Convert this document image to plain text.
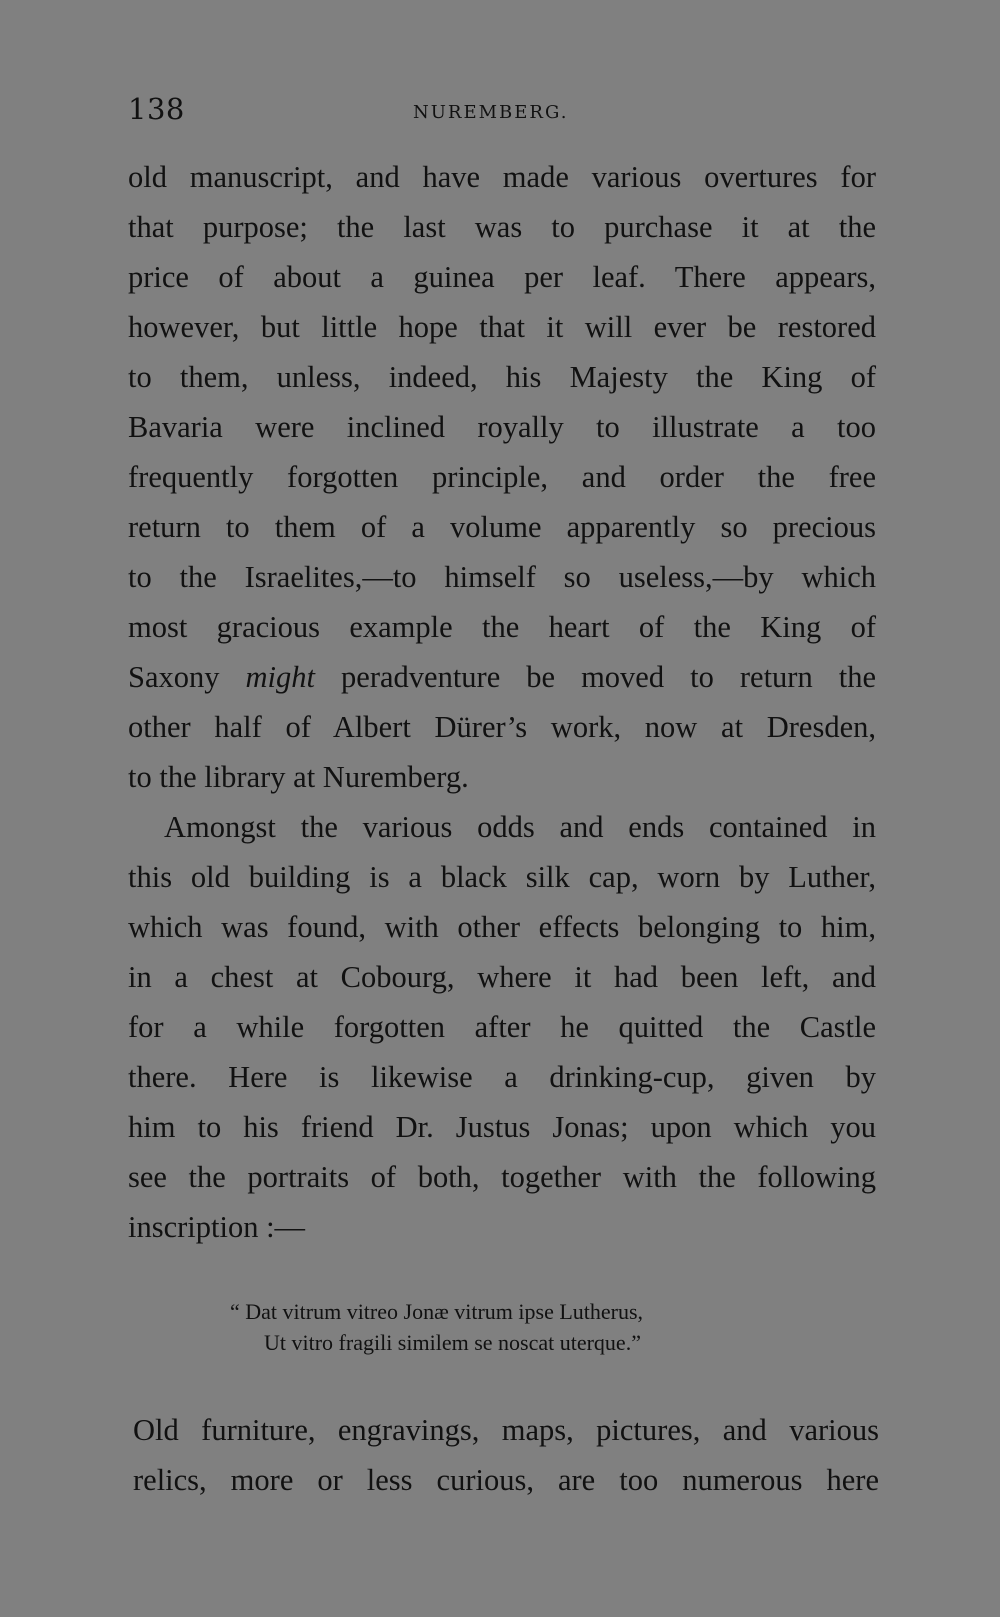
138	NUREMBERG.
old manuscript, and have made various overtures for
that purpose; the last was to purchase it at the
price of about a guinea per leaf. There appears,
however, but little hope that it will ever be restored
to them, unless, indeed, his Majesty the King of
Bavaria were inclined royally to illustrate a too
frequently forgotten principle, and order the free
return to them of a volume apparently so precious
to the Israelites,—to himself so useless,—by which
most gracious example the heart of the King of
Saxony might peradventure be moved to return the
other half of Albert Dürer’s work, now at Dresden,
to the library at Nuremberg.
Amongst the various odds and ends contained in
this old building is a black silk cap, worn by Luther,
which was found, with other effects belonging to him,
in a chest at Cobourg, where it had been left, and
for a while forgotten after he quitted the Castle
there. Here is likewise a drinking-cup, given by
him to his friend Dr. Justus Jonas; upon which you
see the portraits of both, together with the following
inscription :—
“ Dat vitrum vitreo Jonæ vitrum ipse Lutherus,
Ut vitro fragili similem se noscat uterque.”
Old furniture, engravings, maps, pictures, and various
relics, more or less curious, are too numerous here
